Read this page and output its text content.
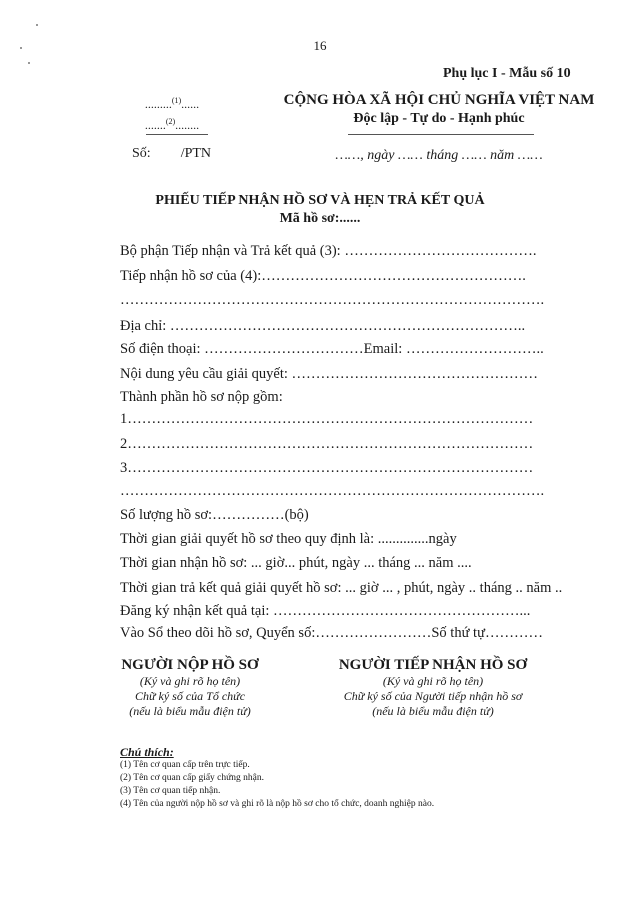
16
Phụ lục I - Mẫu số 10
.........$^{(1)}$......
.......$^{(2)}$........
Số: /PTN
CỘNG HÒA XÃ HỘI CHỦ NGHĨA VIỆT NAM
Độc lập - Tự do - Hạnh phúc
……, ngày …… tháng …… năm ……
PHIẾU TIẾP NHẬN HỒ SƠ VÀ HẸN TRẢ KẾT QUẢ
Mã hồ sơ:......
Bộ phận Tiếp nhận và Trả kết quả (3): ………………………………….
Tiếp nhận hồ sơ của (4):……………………………………………….
…………………………………………………………………………….
Địa chỉ: ………………………………………………………………..
Số điện thoại: ……………………………Email: ………………………..
Nội dung yêu cầu giải quyết: ……………………………………………
Thành phần hồ sơ nộp gồm:
1…………………………………………………………………………
2…………………………………………………………………………
3…………………………………………………………………………
…………………………………………………………………………….
Số lượng hồ sơ:……………(bộ)
Thời gian giải quyết hồ sơ theo quy định là: ..............ngày
Thời gian nhận hồ sơ: ... giờ... phút, ngày ... tháng ... năm ....
Thời gian trả kết quả giải quyết hồ sơ: ... giờ ... , phút, ngày .. tháng .. năm ..
Đăng ký nhận kết quả tại: ……………………………………………...
Vào Sổ theo dõi hồ sơ, Quyển số:……………………Số thứ tự…………
NGƯỜI NỘP HỒ SƠ
(Ký và ghi rõ họ tên)
Chữ ký số của Tổ chức
(nếu là biểu mẫu điện tử)
NGƯỜI TIẾP NHẬN HỒ SƠ
(Ký và ghi rõ họ tên)
Chữ ký số của Người tiếp nhận hồ sơ
(nếu là biểu mẫu điện tử)
Chú thích:
(1) Tên cơ quan cấp trên trực tiếp.
(2) Tên cơ quan cấp giấy chứng nhận.
(3) Tên cơ quan tiếp nhận.
(4) Tên của người nộp hồ sơ và ghi rõ là nộp hồ sơ cho tổ chức, doanh nghiệp nào.
